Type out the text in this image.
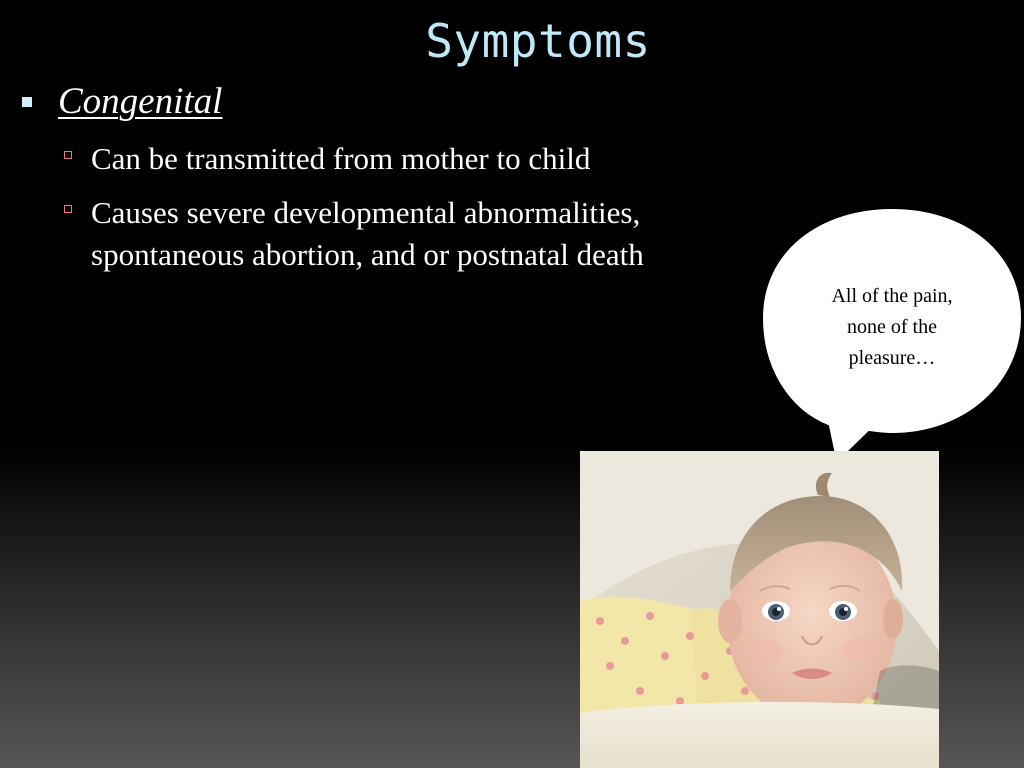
Symptoms
Congenital
Can be transmitted from mother to child
Causes severe developmental abnormalities, spontaneous abortion, and or postnatal death
All of the pain,
none of the
pleasure…
